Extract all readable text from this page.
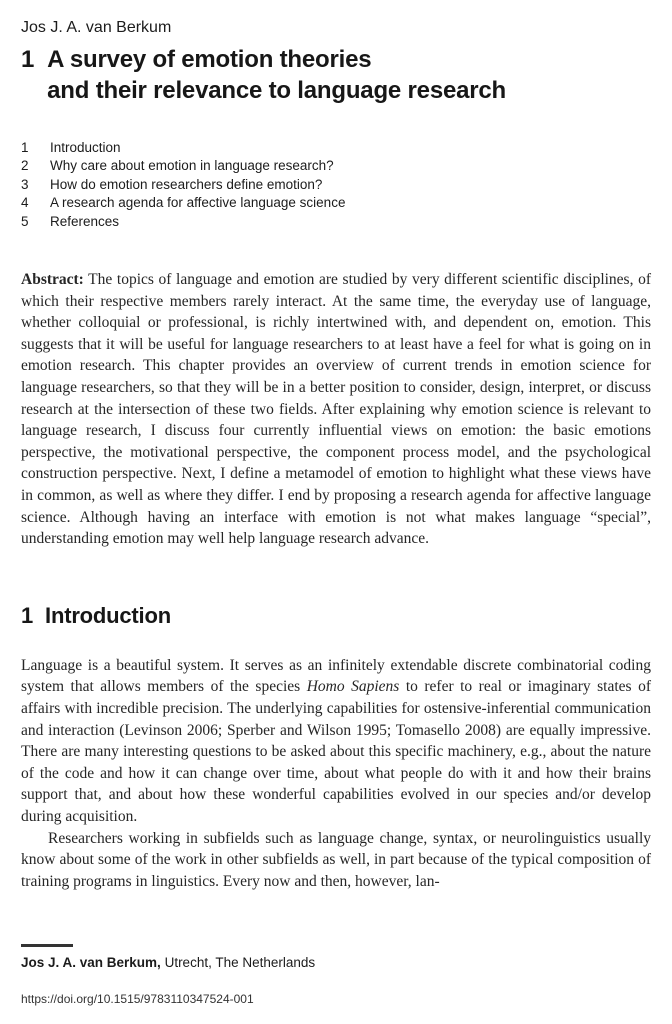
Jos J. A. van Berkum
1 A survey of emotion theories
and their relevance to language research
1	Introduction
2	Why care about emotion in language research?
3	How do emotion researchers define emotion?
4	A research agenda for affective language science
5	References

Abstract: The topics of language and emotion are studied by very different scientific disciplines, of which their respective members rarely interact. At the same time, the everyday use of language, whether colloquial or professional, is richly intertwined with, and dependent on, emotion. This suggests that it will be useful for language researchers to at least have a feel for what is going on in emotion research. This chapter provides an overview of current trends in emotion science for language researchers, so that they will be in a better position to consider, design, interpret, or discuss research at the intersection of these two fields. After explaining why emotion science is relevant to language research, I discuss four currently influential views on emotion: the basic emotions perspective, the motivational perspective, the component process model, and the psychological construction perspective. Next, I define a metamodel of emotion to highlight what these views have in common, as well as where they differ. I end by proposing a research agenda for affective language science. Although having an interface with emotion is not what makes language “special”, understanding emotion may well help language research advance.

1 Introduction

Language is a beautiful system. It serves as an infinitely extendable discrete combinatorial coding system that allows members of the species Homo Sapiens to refer to real or imaginary states of affairs with incredible precision. The underlying capabilities for ostensive-inferential communication and interaction (Levinson 2006; Sperber and Wilson 1995; Tomasello 2008) are equally impressive. There are many interesting questions to be asked about this specific machinery, e.g., about the nature of the code and how it can change over time, about what people do with it and how their brains support that, and about how these wonderful capabilities evolved in our species and/or develop during acquisition.

Researchers working in subfields such as language change, syntax, or neurolinguistics usually know about some of the work in other subfields as well, in part because of the typical composition of training programs in linguistics. Every now and then, however, lan-

Jos J. A. van Berkum, Utrecht, The Netherlands
https://doi.org/10.1515/9783110347524-001
